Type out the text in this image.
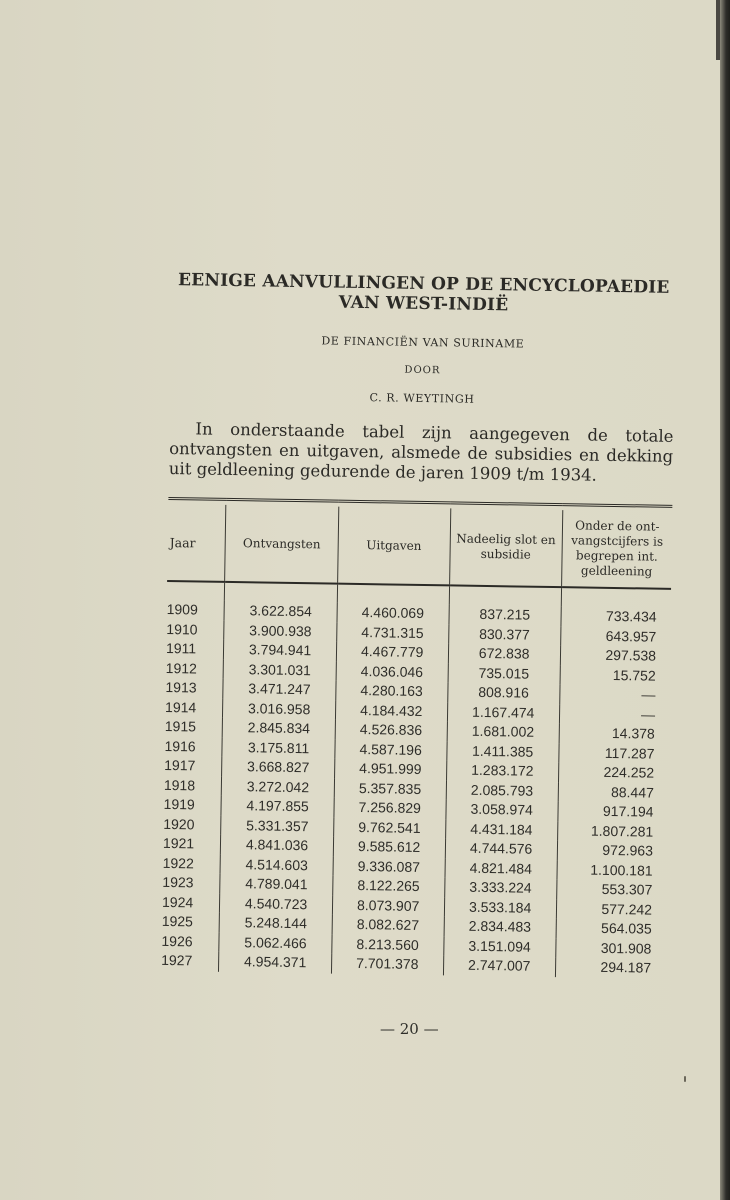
EENIGE AANVULLINGEN OP DE ENCYCLOPAEDIE VAN WEST-INDIË
DE FINANCIËN VAN SURINAME
DOOR
C. R. WEYTINGH

In onderstaande tabel zijn aangegeven de totale ontvangsten en uitgaven, alsmede de subsidies en dekking uit geldleening gedurende de jaren 1909 t/m 1934.

Jaar	Ontvangsten	Uitgaven	Nadeelig slot en subsidie	Onder de ont- vangstcijfers is begrepen int. geldleening

1909	3.622.854	4.460.069	837.215	733.434
1910	3.900.938	4.731.315	830.377	643.957
1911	3.794.941	4.467.779	672.838	297.538
1912	3.301.031	4.036.046	735.015	15.752
1913	3.471.247	4.280.163	808.916	—
1914	3.016.958	4.184.432	1.167.474	—
1915	2.845.834	4.526.836	1.681.002	14.378
1916	3.175.811	4.587.196	1.411.385	117.287
1917	3.668.827	4.951.999	1.283.172	224.252
1918	3.272.042	5.357.835	2.085.793	88.447
1919	4.197.855	7.256.829	3.058.974	917.194
1920	5.331.357	9.762.541	4.431.184	1.807.281
1921	4.841.036	9.585.612	4.744.576	972.963
1922	4.514.603	9.336.087	4.821.484	1.100.181
1923	4.789.041	8.122.265	3.333.224	553.307
1924	4.540.723	8.073.907	3.533.184	577.242
1925	5.248.144	8.082.627	2.834.483	564.035
1926	5.062.466	8.213.560	3.151.094	301.908
1927	4.954.371	7.701.378	2.747.007	294.187
— 20 —
